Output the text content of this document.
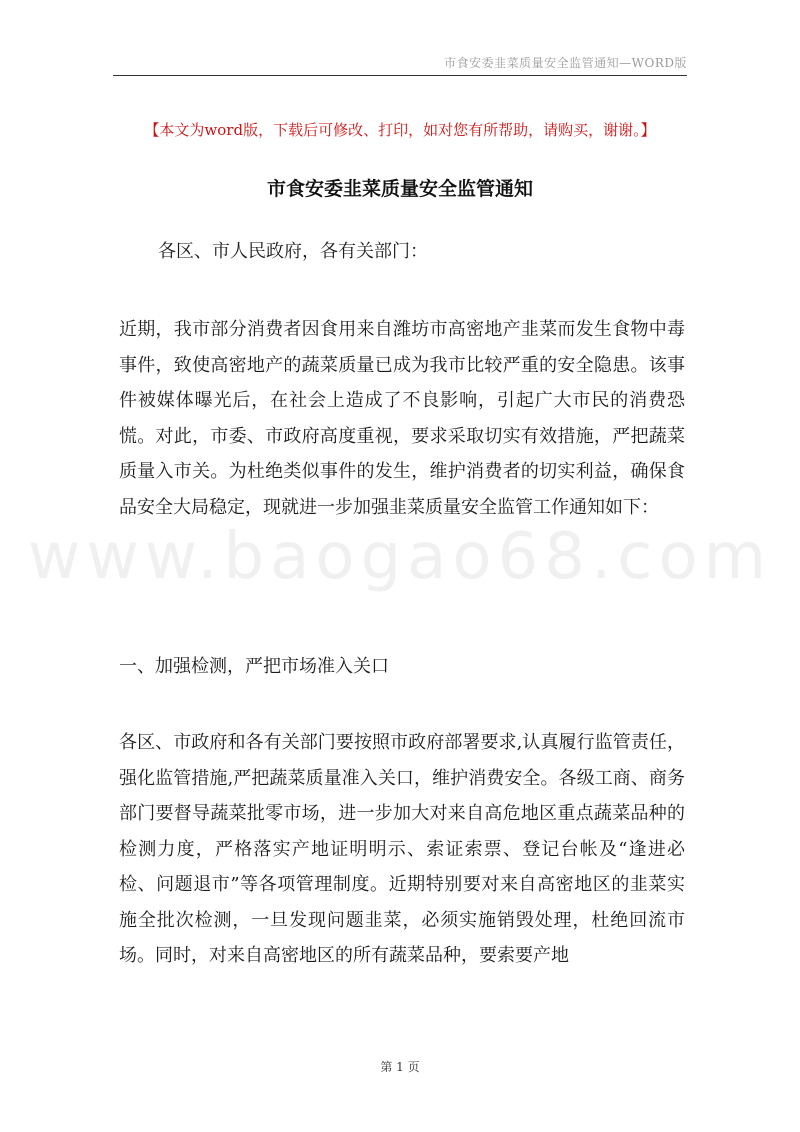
市食安委韭菜质量安全监管通知—WORD版
www.baogao68.com
【本文为word版，下载后可修改、打印，如对您有所帮助，请购买，谢谢。】
市食安委韭菜质量安全监管通知
各区、市人民政府，各有关部门：

近期，我市部分消费者因食用来自潍坊市高密地产韭菜而发生食物中毒事件，致使高密地产的蔬菜质量已成为我市比较严重的安全隐患。该事件被媒体曝光后，在社会上造成了不良影响，引起广大市民的消费恐慌。对此，市委、市政府高度重视，要求采取切实有效措施，严把蔬菜质量入市关。为杜绝类似事件的发生，维护消费者的切实利益，确保食品安全大局稳定，现就进一步加强韭菜质量安全监管工作通知如下：

一、加强检测，严把市场准入关口

各区、市政府和各有关部门要按照市政府部署要求,认真履行监管责任，强化监管措施,严把蔬菜质量准入关口，维护消费安全。各级工商、商务部门要督导蔬菜批零市场，进一步加大对来自高危地区重点蔬菜品种的检测力度，严格落实产地证明明示、索证索票、登记台帐及“逢进必检、问题退市”等各项管理制度。近期特别要对来自高密地区的韭菜实施全批次检测，一旦发现问题韭菜，必须实施销毁处理，杜绝回流市场。同时，对来自高密地区的所有蔬菜品种，要索要产地

第 1 页
